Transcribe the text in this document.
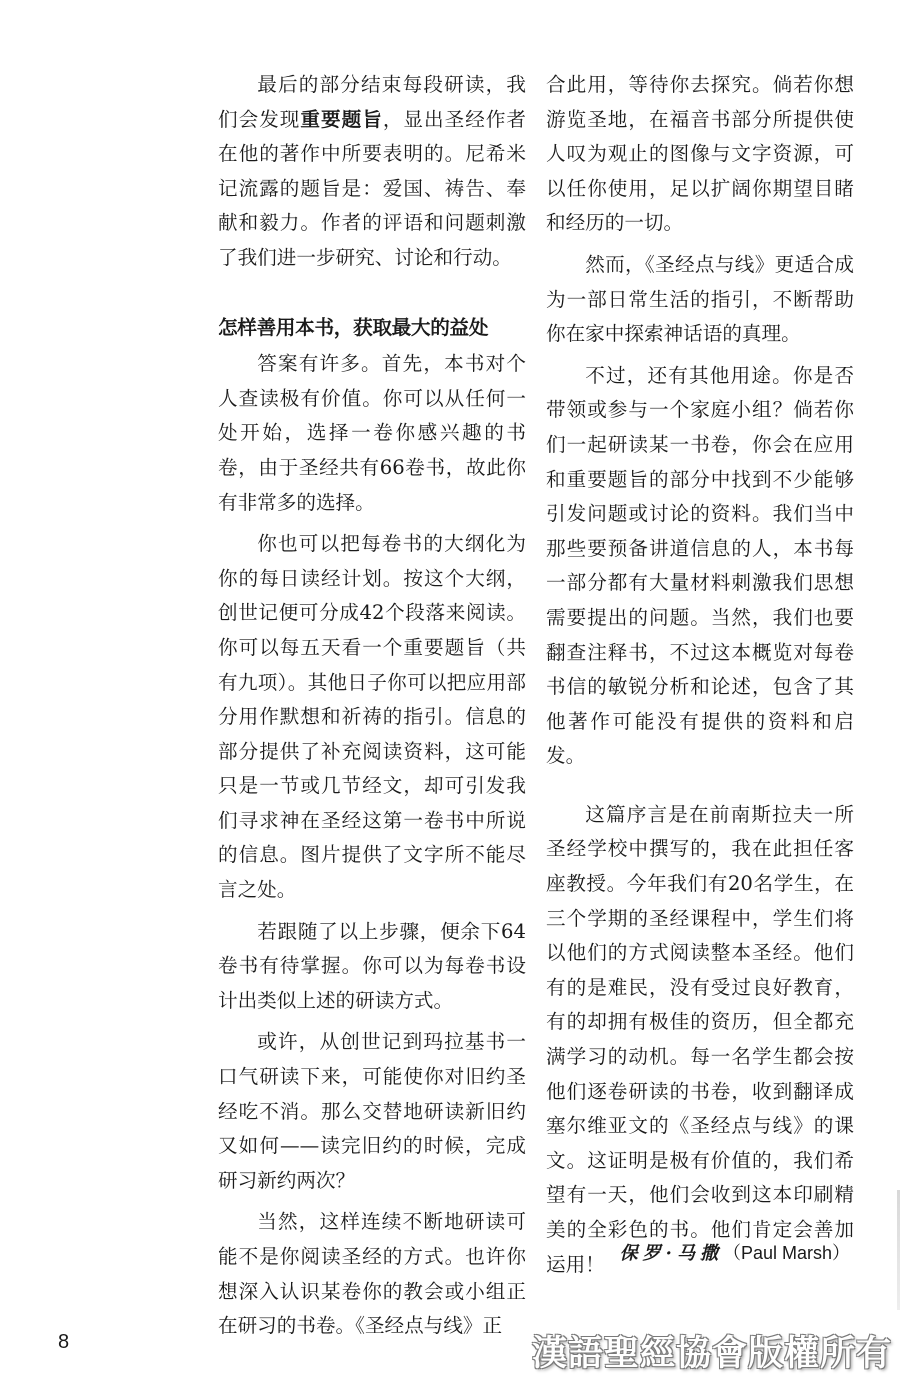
最后的部分结束每段研读，我们会发现重要题旨，显出圣经作者在他的著作中所要表明的。尼希米记流露的题旨是：爱国、祷告、奉献和毅力。作者的评语和问题刺激了我们进一步研究、讨论和行动。

怎样善用本书，获取最大的益处

答案有许多。首先，本书对个人查读极有价值。你可以从任何一处开始，选择一卷你感兴趣的书卷，由于圣经共有66卷书，故此你有非常多的选择。

你也可以把每卷书的大纲化为你的每日读经计划。按这个大纲，创世记便可分成42个段落来阅读。你可以每五天看一个重要题旨（共有九项）。其他日子你可以把应用部分用作默想和祈祷的指引。信息的部分提供了补充阅读资料，这可能只是一节或几节经文，却可引发我们寻求神在圣经这第一卷书中所说的信息。图片提供了文字所不能尽言之处。

若跟随了以上步骤，便余下64卷书有待掌握。你可以为每卷书设计出类似上述的研读方式。

或许，从创世记到玛拉基书一口气研读下来，可能使你对旧约圣经吃不消。那么交替地研读新旧约又如何——读完旧约的时候，完成研习新约两次？

当然，这样连续不断地研读可能不是你阅读圣经的方式。也许你想深入认识某卷你的教会或小组正在研习的书卷。《圣经点与线》正

合此用，等待你去探究。倘若你想游览圣地，在福音书部分所提供使人叹为观止的图像与文字资源，可以任你使用，足以扩阔你期望目睹和经历的一切。

然而，《圣经点与线》更适合成为一部日常生活的指引，不断帮助你在家中探索神话语的真理。

不过，还有其他用途。你是否带领或参与一个家庭小组？倘若你们一起研读某一书卷，你会在应用和重要题旨的部分中找到不少能够引发问题或讨论的资料。我们当中那些要预备讲道信息的人，本书每一部分都有大量材料刺激我们思想需要提出的问题。当然，我们也要翻查注释书，不过这本概览对每卷书信的敏锐分析和论述，包含了其他著作可能没有提供的资料和启发。

这篇序言是在前南斯拉夫一所圣经学校中撰写的，我在此担任客座教授。今年我们有20名学生，在三个学期的圣经课程中，学生们将以他们的方式阅读整本圣经。他们有的是难民，没有受过良好教育，有的却拥有极佳的资历，但全都充满学习的动机。每一名学生都会按他们逐卷研读的书卷，收到翻译成塞尔维亚文的《圣经点与线》的课文。这证明是极有价值的，我们希望有一天，他们会收到这本印刷精美的全彩色的书。他们肯定会善加运用！ 保罗·马撒（Paul Marsh）
8	漢語聖經協會版權所有
